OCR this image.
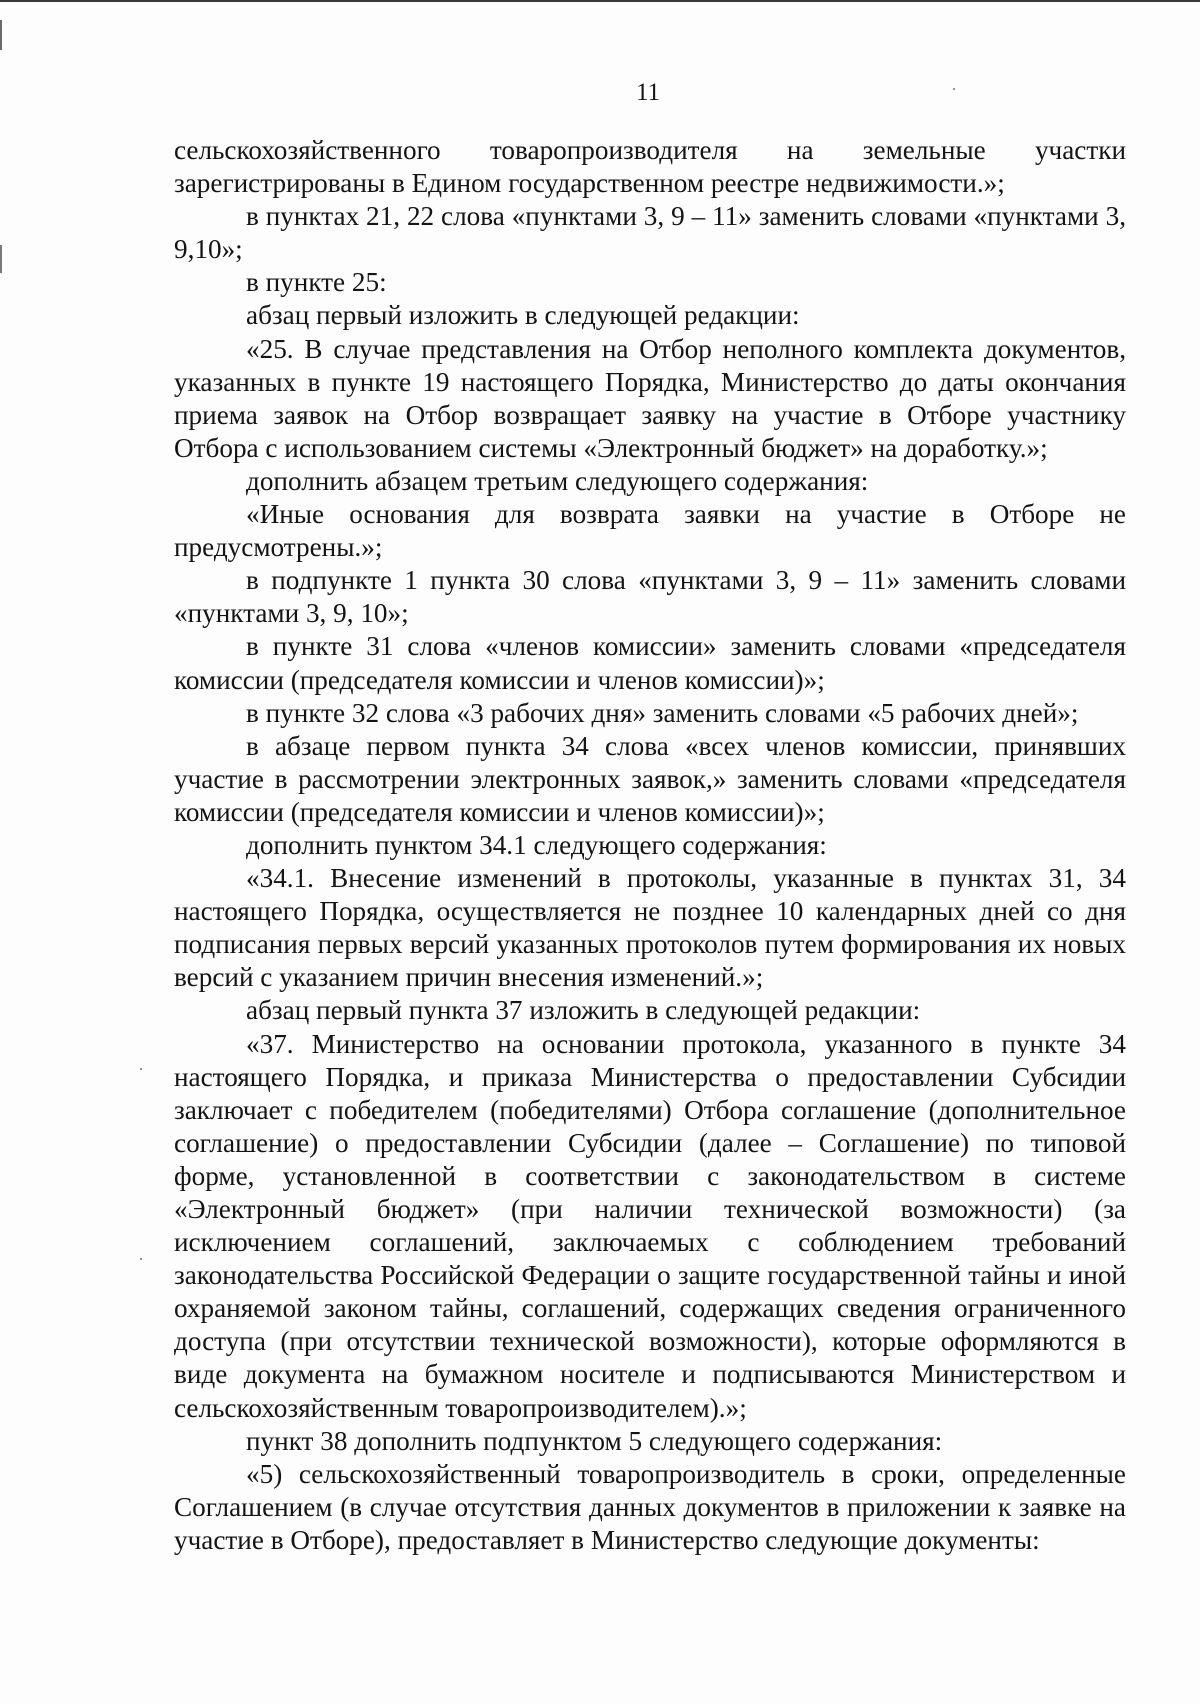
11

сельскохозяйственного товаропроизводителя на земельные участки зарегистрированы в Едином государственном реестре недвижимости.»;

в пунктах 21, 22 слова «пунктами 3, 9 – 11» заменить словами «пунктами 3, 9,10»;

в пункте 25:

абзац первый изложить в следующей редакции:

«25. В случае представления на Отбор неполного комплекта документов, указанных в пункте 19 настоящего Порядка, Министерство до даты окончания приема заявок на Отбор возвращает заявку на участие в Отборе участнику Отбора с использованием системы «Электронный бюджет» на доработку.»;

дополнить абзацем третьим следующего содержания:

«Иные основания для возврата заявки на участие в Отборе не предусмотрены.»;

в подпункте 1 пункта 30 слова «пунктами 3, 9 – 11» заменить словами «пунктами 3, 9, 10»;

в пункте 31 слова «членов комиссии» заменить словами «председателя комиссии (председателя комиссии и членов комиссии)»;

в пункте 32 слова «3 рабочих дня» заменить словами «5 рабочих дней»;

в абзаце первом пункта 34 слова «всех членов комиссии, принявших участие в рассмотрении электронных заявок,» заменить словами «председателя комиссии (председателя комиссии и членов комиссии)»;

дополнить пунктом 34.1 следующего содержания:

«34.1. Внесение изменений в протоколы, указанные в пунктах 31, 34 настоящего Порядка, осуществляется не позднее 10 календарных дней со дня подписания первых версий указанных протоколов путем формирования их новых версий с указанием причин внесения изменений.»;

абзац первый пункта 37 изложить в следующей редакции:

«37. Министерство на основании протокола, указанного в пункте 34 настоящего Порядка, и приказа Министерства о предоставлении Субсидии заключает с победителем (победителями) Отбора соглашение (дополнительное соглашение) о предоставлении Субсидии (далее – Соглашение) по типовой форме, установленной в соответствии с законодательством в системе «Электронный бюджет» (при наличии технической возможности) (за исключением соглашений, заключаемых с соблюдением требований законодательства Российской Федерации о защите государственной тайны и иной охраняемой законом тайны, соглашений, содержащих сведения ограниченного доступа (при отсутствии технической возможности), которые оформляются в виде документа на бумажном носителе и подписываются Министерством и сельскохозяйственным товаропроизводителем).»;

пункт 38 дополнить подпунктом 5 следующего содержания:

«5) сельскохозяйственный товаропроизводитель в сроки, определенные Соглашением (в случае отсутствия данных документов в приложении к заявке на участие в Отборе), предоставляет в Министерство следующие документы:
